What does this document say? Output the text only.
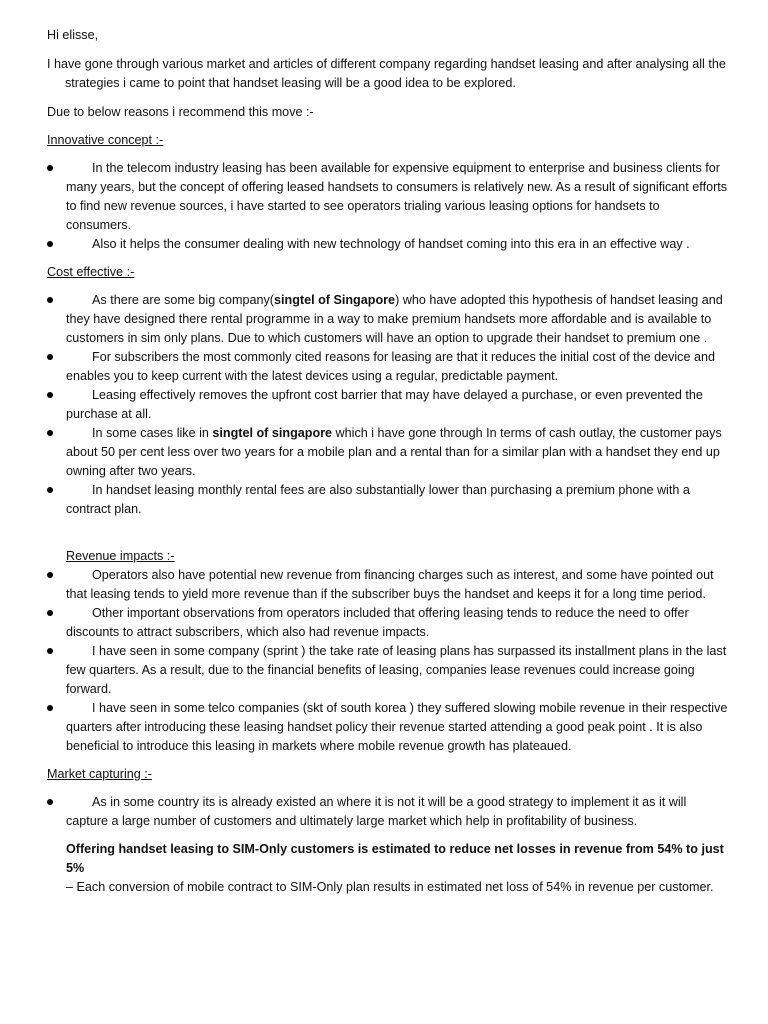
Hi elisse,

I have gone through various market and articles of different company regarding handset leasing and after analysing all the strategies i came to point that handset leasing will be a good idea to be explored.

Due to below reasons i recommend this move :-

Innovative concept :-

In the telecom industry leasing has been available for expensive equipment to enterprise and business clients for many years, but the concept of offering leased handsets to consumers is relatively new. As a result of significant efforts to find new revenue sources, i have started to see operators trialing various leasing options for handsets to consumers.
Also it helps the consumer dealing with new technology of handset coming into this era in an effective way .

Cost effective :-

As there are some big company(singtel of Singapore) who have adopted this hypothesis of handset leasing and they have designed there rental programme in a way to make premium handsets more affordable and is available to customers in sim only plans. Due to which customers will have an option to upgrade their handset to premium one .
For subscribers the most commonly cited reasons for leasing are that it reduces the initial cost of the device and enables you to keep current with the latest devices using a regular, predictable payment.
Leasing effectively removes the upfront cost barrier that may have delayed a purchase, or even prevented the purchase at all.
In some cases like in singtel of singapore which i have gone through In terms of cash outlay, the customer pays about 50 per cent less over two years for a mobile plan and a rental than for a similar plan with a handset they end up owning after two years.
In handset leasing monthly rental fees are also substantially lower than purchasing a premium phone with a contract plan.

Revenue impacts :-

Operators also have potential new revenue from financing charges such as interest, and some have pointed out that leasing tends to yield more revenue than if the subscriber buys the handset and keeps it for a long time period.
Other important observations from operators included that offering leasing tends to reduce the need to offer discounts to attract subscribers, which also had revenue impacts.
I have seen in some company (sprint ) the take rate of leasing plans has surpassed its installment plans in the last few quarters. As a result, due to the financial benefits of leasing, companies lease revenues could increase going forward.
I have seen in some telco companies (skt of south korea ) they suffered slowing mobile revenue in their respective quarters after introducing these leasing handset policy their revenue started attending a good peak point . It is also beneficial to introduce this leasing in markets where mobile revenue growth has plateaued.

Market capturing :-

As in some country its is already existed an where it is not it will be a good strategy to implement it as it will capture a large number of customers and ultimately large market which help in profitability of business.

Offering handset leasing to SIM-Only customers is estimated to reduce net losses in revenue from 54% to just 5%

– Each conversion of mobile contract to SIM-Only plan results in estimated net loss of 54% in revenue per customer.
